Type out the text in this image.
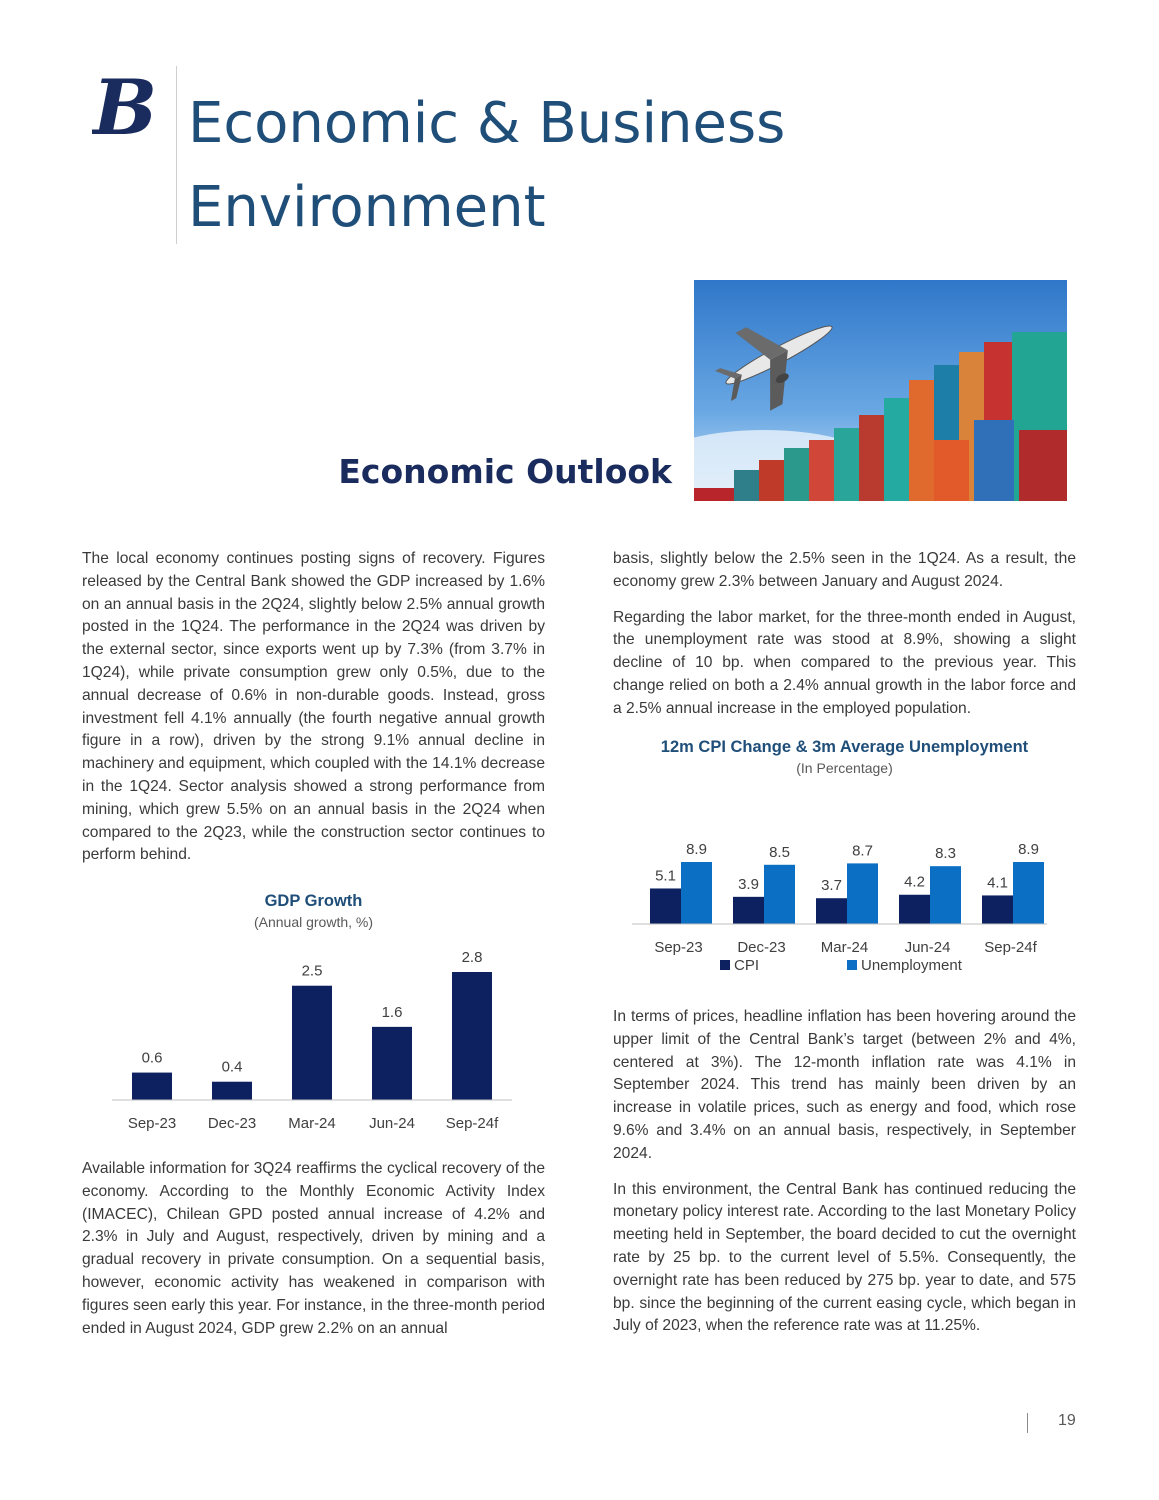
B Economic & Business
Environment
Economic Outlook

The local economy continues posting signs of recovery. Figures released by the Central Bank showed the GDP increased by 1.6% on an annual basis in the 2Q24, slightly below 2.5% annual growth posted in the 1Q24. The performance in the 2Q24 was driven by the external sector, since exports went up by 7.3% (from 3.7% in 1Q24), while private consumption grew only 0.5%, due to the annual decrease of 0.6% in non-durable goods. Instead, gross investment fell 4.1% annually (the fourth negative annual growth figure in a row), driven by the strong 9.1% annual decline in machinery and equipment, which coupled with the 14.1% decrease in the 1Q24. Sector analysis showed a strong performance from mining, which grew 5.5% on an annual basis in the 2Q24 when compared to the 2Q23, while the construction sector continues to perform behind.

GDP Growth
(Annual growth, %)
0.6
Sep-23
0.4
Dec-23
2.5
Mar-24
1.6
Jun-24
2.8
Sep-24f

Available information for 3Q24 reaffirms the cyclical recovery of the economy. According to the Monthly Economic Activity Index (IMACEC), Chilean GPD posted annual increase of 4.2% and 2.3% in July and August, respectively, driven by mining and a gradual recovery in private consumption. On a sequential basis, however, economic activity has weakened in comparison with figures seen early this year. For instance, in the three-month period ended in August 2024, GDP grew 2.2% on an annual

basis, slightly below the 2.5% seen in the 1Q24. As a result, the economy grew 2.3% between January and August 2024.

Regarding the labor market, for the three-month ended in August, the unemployment rate was stood at 8.9%, showing a slight decline of 10 bp. when compared to the previous year. This change relied on both a 2.4% annual growth in the labor force and a 2.5% annual increase in the employed population.

12m CPI Change & 3m Average Unemployment
(In Percentage)
5.1
8.9
Sep-23
3.9
8.5
Dec-23
3.7
8.7
Mar-24
4.2
8.3
Jun-24
4.1
8.9
Sep-24f
CPI	Unemployment

In terms of prices, headline inflation has been hovering around the upper limit of the Central Bank’s target (between 2% and 4%, centered at 3%). The 12-month inflation rate was 4.1% in September 2024. This trend has mainly been driven by an increase in volatile prices, such as energy and food, which rose 9.6% and 3.4% on an annual basis, respectively, in September 2024.

In this environment, the Central Bank has continued reducing the monetary policy interest rate. According to the last Monetary Policy meeting held in September, the board decided to cut the overnight rate by 25 bp. to the current level of 5.5%. Consequently, the overnight rate has been reduced by 275 bp. year to date, and 575 bp. since the beginning of the current easing cycle, which began in July of 2023, when the reference rate was at 11.25%.

19
